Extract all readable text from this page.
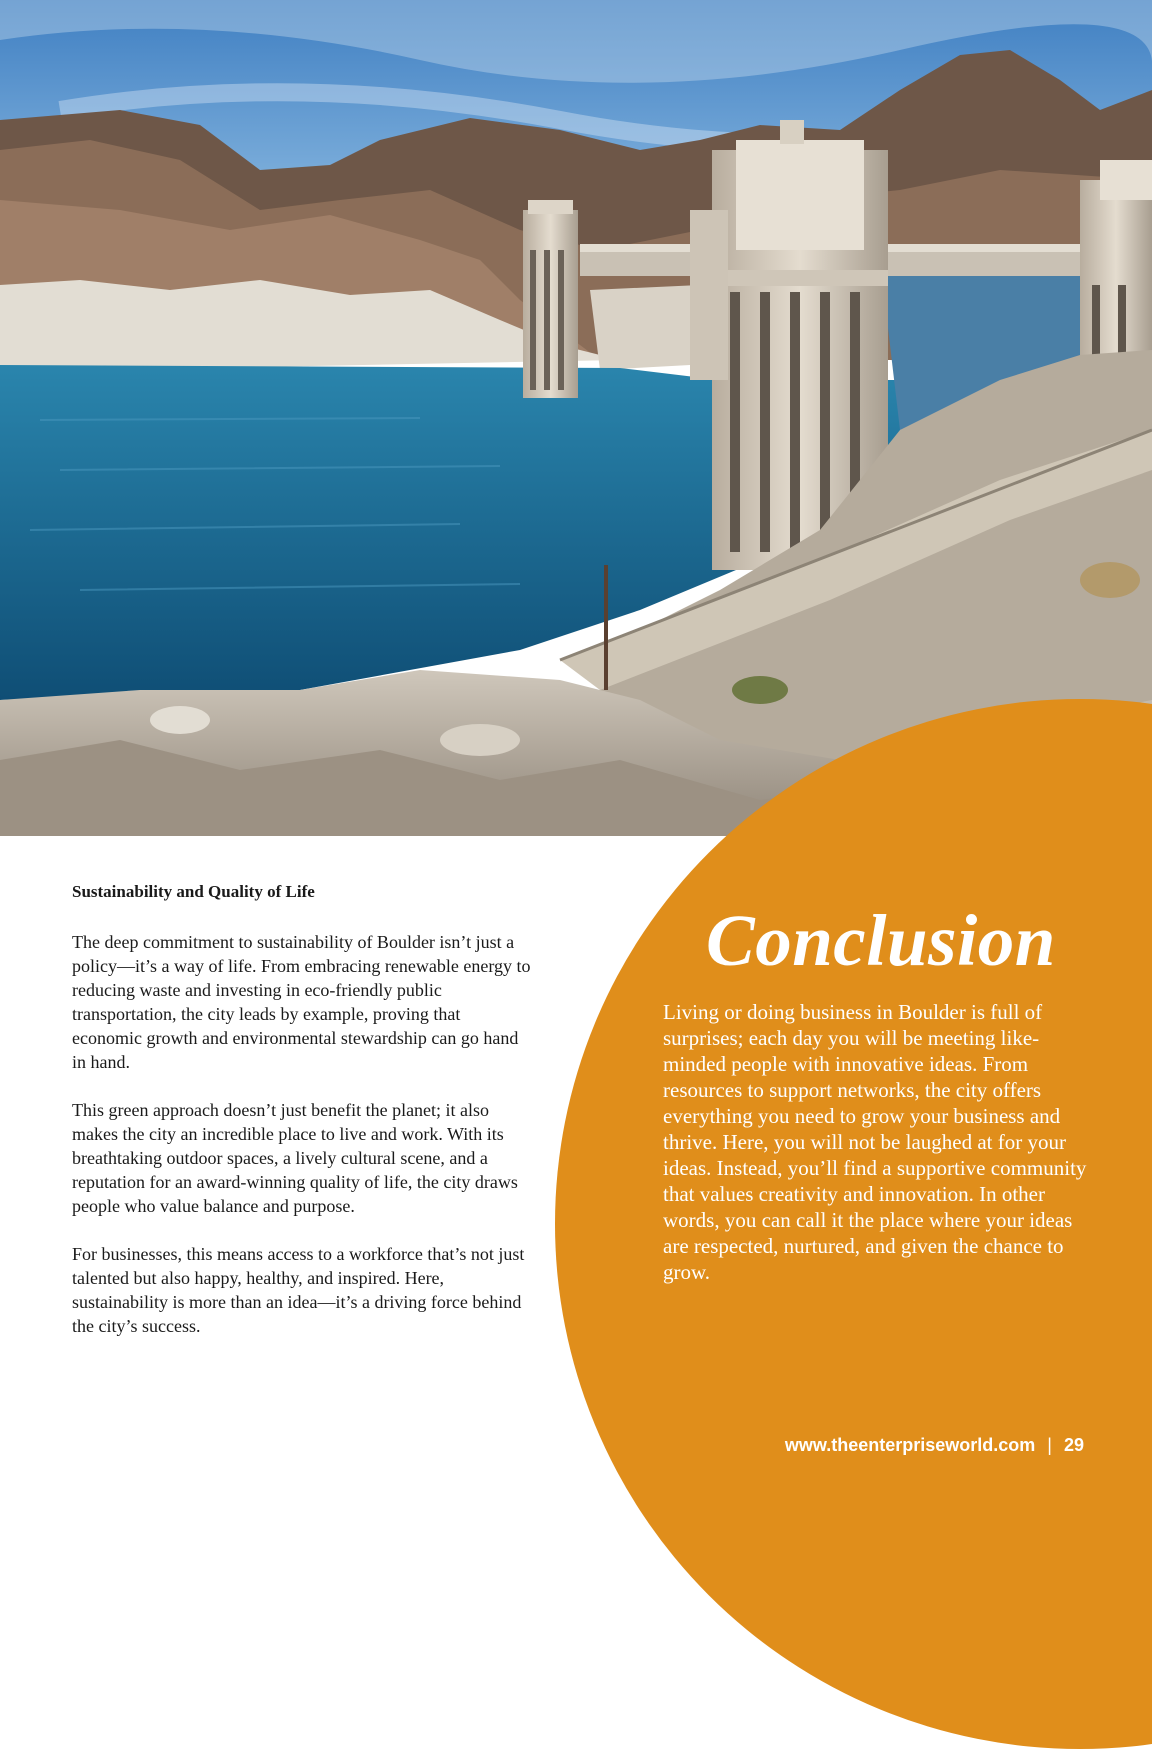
Sustainability and Quality of Life

The deep commitment to sustainability of Boulder isn’t just a policy—it’s a way of life. From embracing renewable energy to reducing waste and investing in eco-friendly public transportation, the city leads by example, proving that economic growth and environmental stewardship can go hand in hand.

This green approach doesn’t just benefit the planet; it also makes the city an incredible place to live and work. With its breathtaking outdoor spaces, a lively cultural scene, and a reputation for an award-winning quality of life, the city draws people who value balance and purpose.

For businesses, this means access to a workforce that’s not just talented but also happy, healthy, and inspired. Here, sustainability is more than an idea—it’s a driving force behind the city’s success.

Conclusion
Living or doing business in Boulder is full of surprises; each day you will be meeting like-minded people with innovative ideas. From resources to support networks, the city offers everything you need to grow your business and thrive. Here, you will not be laughed at for your ideas. Instead, you’ll find a supportive community that values creativity and innovation. In other words, you can call it the place where your ideas are respected, nurtured, and given the chance to grow.
www.theenterpriseworld.com | 29
